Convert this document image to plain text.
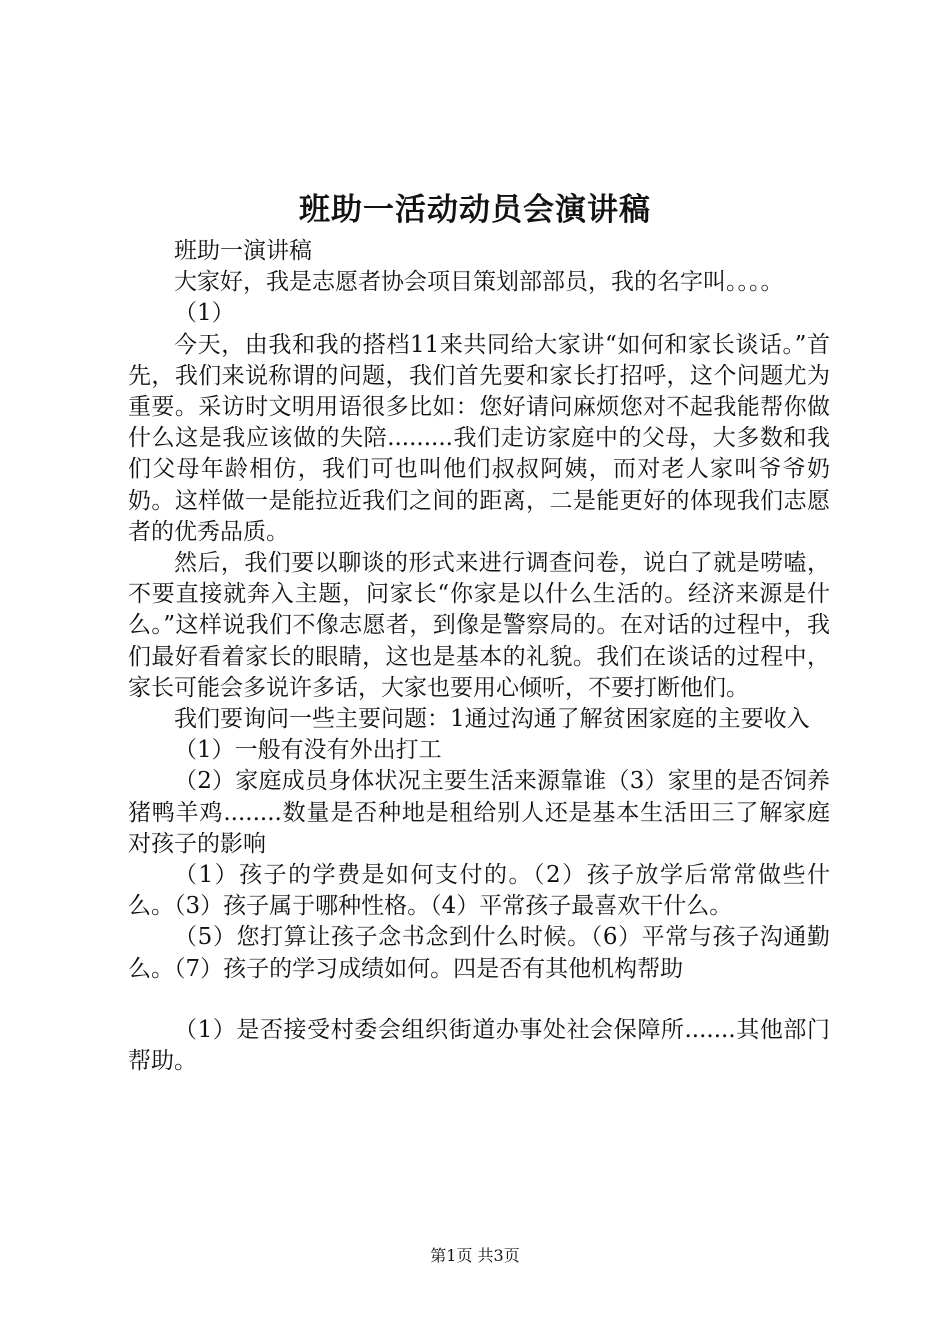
班助一活动动员会演讲稿

班助一演讲稿

大家好，我是志愿者协会项目策划部部员，我的名字叫。。。。

（1）

今天，由我和我的搭档11来共同给大家讲“如何和家长谈话。”首先，我们来说称谓的问题，我们首先要和家长打招呼，这个问题尤为重要。采访时文明用语很多比如：您好请问麻烦您对不起我能帮你做什么这是我应该做的失陪.........我们走访家庭中的父母，大多数和我们父母年龄相仿，我们可也叫他们叔叔阿姨，而对老人家叫爷爷奶奶。这样做一是能拉近我们之间的距离，二是能更好的体现我们志愿者的优秀品质。

然后，我们要以聊谈的形式来进行调查问卷，说白了就是唠嗑，不要直接就奔入主题，问家长“你家是以什么生活的。经济来源是什么。”这样说我们不像志愿者，到像是警察局的。在对话的过程中，我们最好看着家长的眼睛，这也是基本的礼貌。我们在谈话的过程中，家长可能会多说许多话，大家也要用心倾听，不要打断他们。

我们要询问一些主要问题：1通过沟通了解贫困家庭的主要收入

（1）一般有没有外出打工

（2）家庭成员身体状况主要生活来源靠谁（3）家里的是否饲养猪鸭羊鸡........数量是否种地是租给别人还是基本生活田三了解家庭对孩子的影响

（1）孩子的学费是如何支付的。（2）孩子放学后常常做些什么。（3）孩子属于哪种性格。（4）平常孩子最喜欢干什么。

（5）您打算让孩子念书念到什么时候。（6）平常与孩子沟通勤么。（7）孩子的学习成绩如何。四是否有其他机构帮助

（1）是否接受村委会组织街道办事处社会保障所.......其他部门帮助。

第1页 共3页
